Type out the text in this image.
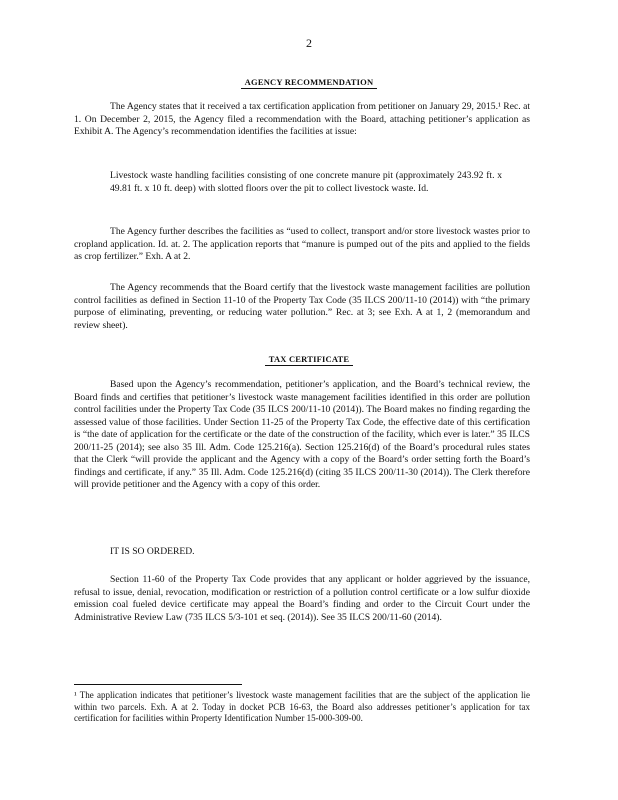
2
AGENCY RECOMMENDATION

The Agency states that it received a tax certification application from petitioner on January 29, 2015.¹ Rec. at 1. On December 2, 2015, the Agency filed a recommendation with the Board, attaching petitioner’s application as Exhibit A. The Agency’s recommendation identifies the facilities at issue:

Livestock waste handling facilities consisting of one concrete manure pit (approximately 243.92 ft. x 49.81 ft. x 10 ft. deep) with slotted floors over the pit to collect livestock waste. Id.

The Agency further describes the facilities as “used to collect, transport and/or store livestock wastes prior to cropland application. Id. at. 2. The application reports that “manure is pumped out of the pits and applied to the fields as crop fertilizer.” Exh. A at 2.

The Agency recommends that the Board certify that the livestock waste management facilities are pollution control facilities as defined in Section 11-10 of the Property Tax Code (35 ILCS 200/11-10 (2014)) with “the primary purpose of eliminating, preventing, or reducing water pollution.” Rec. at 3; see Exh. A at 1, 2 (memorandum and review sheet).

TAX CERTIFICATE

Based upon the Agency’s recommendation, petitioner’s application, and the Board’s technical review, the Board finds and certifies that petitioner’s livestock waste management facilities identified in this order are pollution control facilities under the Property Tax Code (35 ILCS 200/11-10 (2014)). The Board makes no finding regarding the assessed value of those facilities. Under Section 11-25 of the Property Tax Code, the effective date of this certification is “the date of application for the certificate or the date of the construction of the facility, which ever is later.” 35 ILCS 200/11-25 (2014); see also 35 Ill. Adm. Code 125.216(a). Section 125.216(d) of the Board’s procedural rules states that the Clerk “will provide the applicant and the Agency with a copy of the Board’s order setting forth the Board’s findings and certificate, if any.” 35 Ill. Adm. Code 125.216(d) (citing 35 ILCS 200/11-30 (2014)). The Clerk therefore will provide petitioner and the Agency with a copy of this order.

IT IS SO ORDERED.

Section 11-60 of the Property Tax Code provides that any applicant or holder aggrieved by the issuance, refusal to issue, denial, revocation, modification or restriction of a pollution control certificate or a low sulfur dioxide emission coal fueled device certificate may appeal the Board’s finding and order to the Circuit Court under the Administrative Review Law (735 ILCS 5/3-101 et seq. (2014)). See 35 ILCS 200/11-60 (2014).

¹ The application indicates that petitioner’s livestock waste management facilities that are the subject of the application lie within two parcels. Exh. A at 2. Today in docket PCB 16-63, the Board also addresses petitioner’s application for tax certification for facilities within Property Identification Number 15-000-309-00.
